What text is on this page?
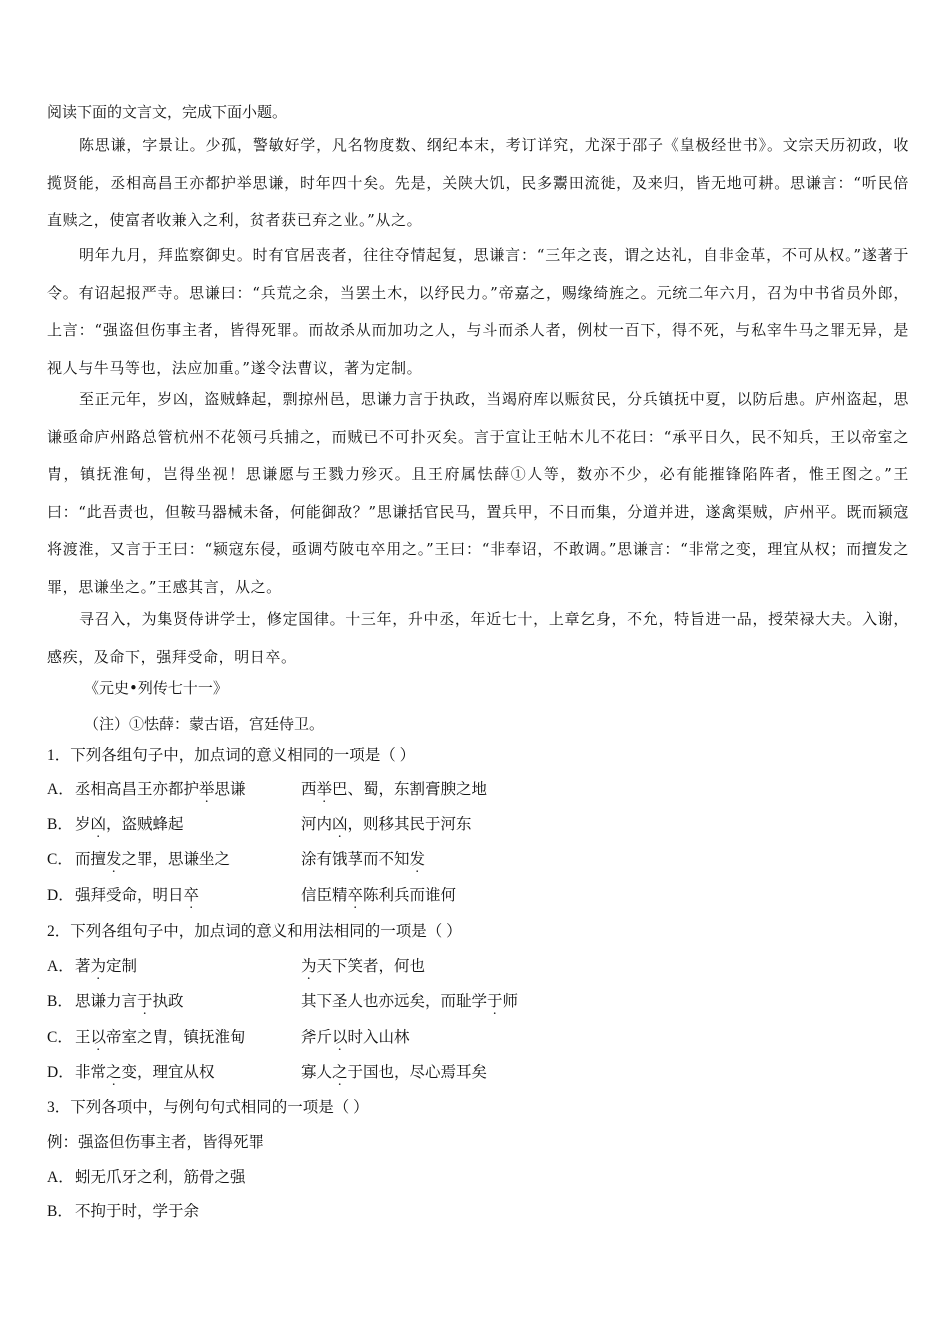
阅读下面的文言文，完成下面小题。

陈思谦，字景让。少孤，警敏好学，凡名物度数、纲纪本末，考订详究，尤深于邵子《皇极经世书》。文宗天历初政，收揽贤能，丞相高昌王亦都护举思谦，时年四十矣。先是，关陕大饥，民多鬻田流徙，及来归，皆无地可耕。思谦言：“听民倍直赎之，使富者收兼入之利，贫者获已弃之业。”从之。

明年九月，拜监察御史。时有官居丧者，往往夺情起复，思谦言：“三年之丧，谓之达礼，自非金革，不可从权。”遂著于令。有诏起报严寺。思谦曰：“兵荒之余，当罢土木，以纾民力。”帝嘉之，赐缘绮旌之。元统二年六月，召为中书省员外郎，上言：“强盗但伤事主者，皆得死罪。而故杀从而加功之人，与斗而杀人者，例杖一百下，得不死，与私宰牛马之罪无异，是视人与牛马等也，法应加重。”遂令法曹议，著为定制。

至正元年，岁凶，盗贼蜂起，剽掠州邑，思谦力言于执政，当竭府库以赈贫民，分兵镇抚中夏，以防后患。庐州盗起，思谦亟命庐州路总管杭州不花领弓兵捕之，而贼已不可扑灭矣。言于宣让王帖木儿不花曰：“承平日久，民不知兵，王以帝室之胄，镇抚淮甸，岂得坐视！思谦愿与王戮力殄灭。且王府属怯薛①人等，数亦不少，必有能摧锋陷阵者，惟王图之。”王曰：“此吾责也，但鞍马器械未备，何能御敌？”思谦括官民马，置兵甲，不日而集，分道并进，遂禽渠贼，庐州平。既而颍寇将渡淮，又言于王曰：“颍寇东侵，亟调芍陂屯卒用之。”王曰：“非奉诏，不敢调。”思谦言：“非常之变，理宜从权；而擅发之罪，思谦坐之。”王感其言，从之。

寻召入，为集贤侍讲学士，修定国律。十三年，升中丞，年近七十，上章乞身，不允，特旨进一品，授荣禄大夫。入谢，感疾，及命下，强拜受命，明日卒。

《元史•列传七十一》
（注）①怯薛：蒙古语，宫廷侍卫。
1．下列各组句子中，加点词的意义相同的一项是（ ）
A．丞相高昌王亦都护举思谦	西举巴、蜀，东割膏腴之地
B． 岁凶，盗贼蜂起	河内凶，则移其民于河东
C． 而擅发之罪，思谦坐之	涂有饿莩而不知发
D．强拜受命，明日卒	信臣精卒陈利兵而谁何
2．下列各组句子中，加点词的意义和用法相同的一项是（ ）
A．著为定制	为天下笑者，何也
B． 思谦力言于执政	其下圣人也亦远矣，而耻学于师
C． 王以帝室之胄，镇抚淮甸	斧斤以时入山林
D．非常之变，理宜从权	寡人之于国也，尽心焉耳矣
3．下列各项中，与例句句式相同的一项是（ ）
例：强盗但伤事主者，皆得死罪
A．蚓无爪牙之利，筋骨之强
B． 不拘于时，学于余
